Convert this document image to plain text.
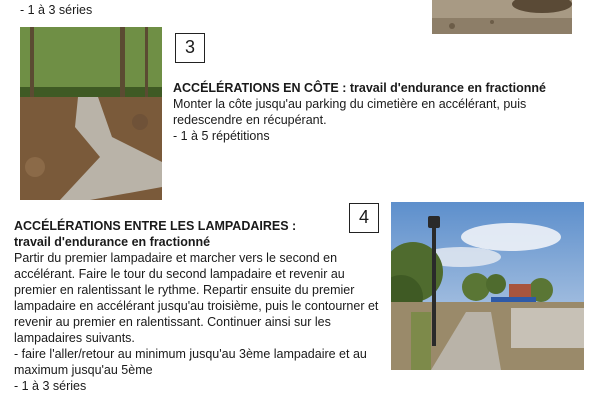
- 1 à 3 séries
3

ACCÉLÉRATIONS EN CÔTE : travail d'endurance en fractionné

Monter la côte jusqu'au parking du cimetière en accélérant, puis redescendre en récupérant.

- 1 à 5 répétitions

4

ACCÉLÉRATIONS ENTRE LES LAMPADAIRES :

travail d'endurance en fractionné

Partir du premier lampadaire et marcher vers le second en accélérant. Faire le tour du second lampadaire et revenir au premier en ralentissant le rythme. Repartir ensuite du premier lampadaire en accélérant jusqu'au troisième, puis le contourner et revenir au premier en ralentissant. Continuer ainsi sur les lampadaires suivants.

- faire l'aller/retour au minimum jusqu'au 3ème lampadaire et au maximum jusqu'au 5ème

- 1 à 3 séries
